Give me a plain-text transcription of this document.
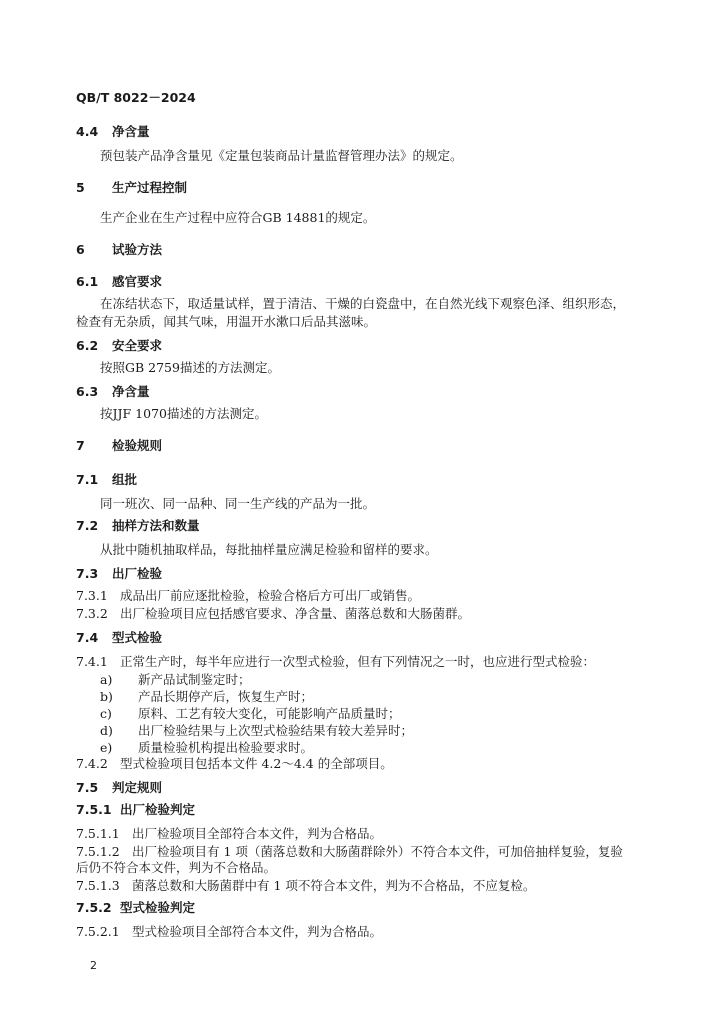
QB/T 8022－2024
4.4 净含量
预包装产品净含量见《定量包装商品计量监督管理办法》的规定。
5 生产过程控制
生产企业在生产过程中应符合GB 14881的规定。
6 试验方法
6.1 感官要求
在冻结状态下，取适量试样，置于清洁、干燥的白瓷盘中，在自然光线下观察色泽、组织形态，
检查有无杂质，闻其气味，用温开水漱口后品其滋味。
6.2 安全要求
按照GB 2759描述的方法测定。
6.3 净含量
按JJF 1070描述的方法测定。
7 检验规则
7.1 组批
同一班次、同一品种、同一生产线的产品为一批。
7.2 抽样方法和数量
从批中随机抽取样品，每批抽样量应满足检验和留样的要求。
7.3 出厂检验
7.3.1 成品出厂前应逐批检验，检验合格后方可出厂或销售。
7.3.2 出厂检验项目应包括感官要求、净含量、菌落总数和大肠菌群。
7.4 型式检验
7.4.1 正常生产时，每半年应进行一次型式检验，但有下列情况之一时，也应进行型式检验：
a) 新产品试制鉴定时；
b) 产品长期停产后，恢复生产时；
c) 原料、工艺有较大变化，可能影响产品质量时；
d) 出厂检验结果与上次型式检验结果有较大差异时；
e) 质量检验机构提出检验要求时。
7.4.2 型式检验项目包括本文件 4.2～4.4 的全部项目。
7.5 判定规则
7.5.1 出厂检验判定
7.5.1.1 出厂检验项目全部符合本文件，判为合格品。
7.5.1.2 出厂检验项目有 1 项（菌落总数和大肠菌群除外）不符合本文件，可加倍抽样复验，复验
后仍不符合本文件，判为不合格品。
7.5.1.3 菌落总数和大肠菌群中有 1 项不符合本文件，判为不合格品，不应复检。
7.5.2 型式检验判定
7.5.2.1 型式检验项目全部符合本文件，判为合格品。
2
